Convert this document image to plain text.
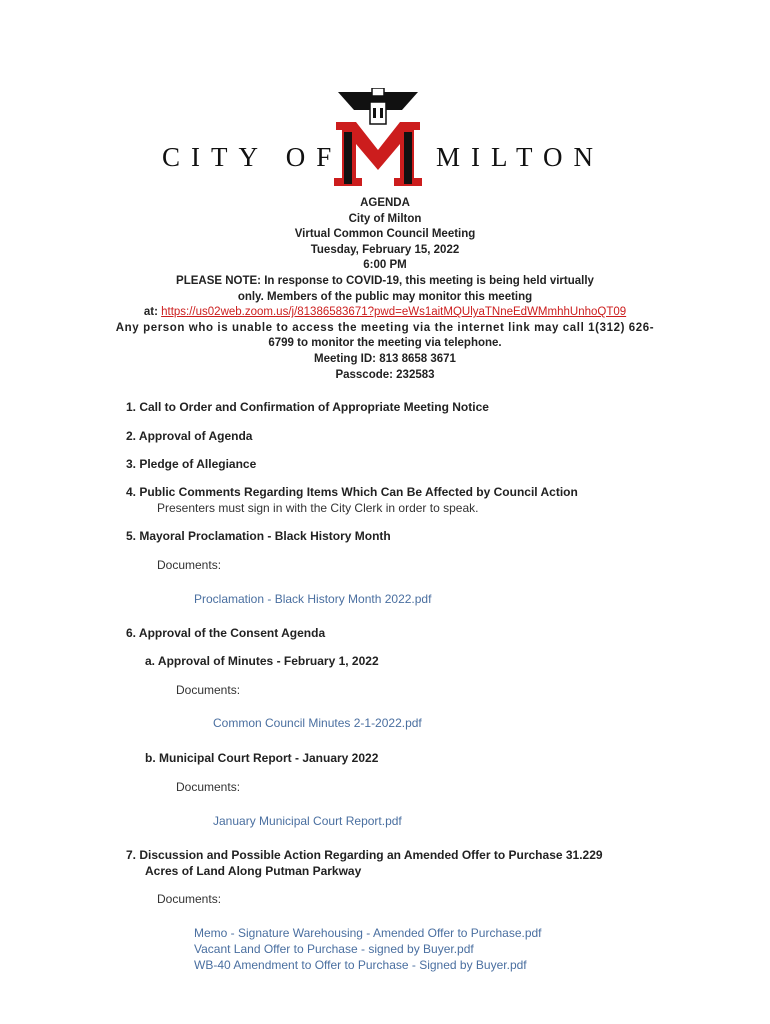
CITY OF	MILTON
AGENDA
City of Milton
Virtual Common Council Meeting
Tuesday, February 15, 2022
6:00 PM
PLEASE NOTE: In response to COVID-19, this meeting is being held virtually
only. Members of the public may monitor this meeting
at: https://us02web.zoom.us/j/81386583671?pwd=eWs1aitMQUlyaTNneEdWMmhhUnhoQT09
Any person who is unable to access the meeting via the internet link may call 1(312) 626-
6799 to monitor the meeting via telephone.
Meeting ID: 813 8658 3671
Passcode: 232583
1. Call to Order and Confirmation of Appropriate Meeting Notice
2. Approval of Agenda
3. Pledge of Allegiance
4. Public Comments Regarding Items Which Can Be Affected by Council Action
Presenters must sign in with the City Clerk in order to speak.
5. Mayoral Proclamation - Black History Month
Documents:
Proclamation - Black History Month 2022.pdf
6. Approval of the Consent Agenda
a. Approval of Minutes - February 1, 2022
Documents:
Common Council Minutes 2-1-2022.pdf
b. Municipal Court Report - January 2022
Documents:
January Municipal Court Report.pdf
7. Discussion and Possible Action Regarding an Amended Offer to Purchase 31.229
Acres of Land Along Putman Parkway
Documents:
Memo - Signature Warehousing - Amended Offer to Purchase.pdf
Vacant Land Offer to Purchase - signed by Buyer.pdf
WB-40 Amendment to Offer to Purchase - Signed by Buyer.pdf
